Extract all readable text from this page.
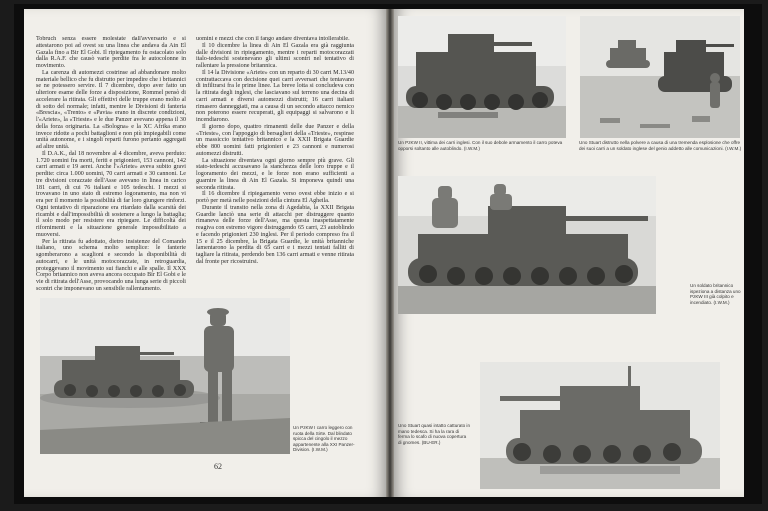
Tobruch senza essere molestate dall'avversario e si attestarono poi ad ovest su una linea che andava da Ain El Gazala fino a Bir El Gobi. Il ripiegamento fu ostacolato solo dalla R.A.F. che causò varie perdite fra le autocolonne in movimento.

La carenza di automezzi costrinse ad abbandonare molto materiale bellico che fu distrutto per impedire che i britannici se ne potessero servire. Il 7 dicembre, dopo aver fatto un ulteriore esame delle forze a disposizione, Rommel pensò di accelerare la ritirata. Gli effettivi delle truppe erano molto al di sotto del normale; infatti, mentre le Divisioni di fanteria «Brescia», «Trento» e «Pavia» erano in discrete condizioni, l'«Ariete», la «Trieste» e le due Panzer avevano appena il 30 della forza originaria. La «Bologna» e la XC Afrika erano invece ridotte a pochi battaglioni e non più impiegabili come unità autonome, e i singoli reparti furono pertanto aggregati ad altre unità.

Il D.A.K., dal 18 novembre al 4 dicembre, aveva perduto: 1.720 uomini fra morti, feriti e prigionieri, 153 cannoni, 142 carri armati e 19 aerei. Anche l'«Ariete» aveva subito gravi perdite: circa 1.000 uomini, 70 carri armati e 30 cannoni. Le tre divisioni corazzate dell'Asse avevano in linea in carico 181 carri, di cui 76 italiani e 105 tedeschi. I mezzi si trovavano in uno stato di estremo logoramento, ma non vi era per il momento la possibilità di far loro giungere rinforzi. Ogni tentativo di riparazione era ritardato dalla scarsità dei ricambi e dall'impossibilità di sostenere a lungo la battaglia; il solo modo per resistere era ripiegare. Le difficoltà dei rifornimenti e la situazione generale impossibilitato a muoversi.

Per la ritirata fu adottato, dietro insistenze del Comando italiano, uno schema molto semplice: le fanterie sgomberarono a scaglioni e secondo la disponibilità di autocarri, e le unità motocorazzate, in retroguardia, proteggevano il movimento sui fianchi e alle spalle. Il XXX Corpo britannico non aveva ancora occupato Bir El Gobi e le vie di ritirata dell'Asse, provocando una lunga serie di piccoli scontri che imponevano un sensibile rallentamento.

uomini e mezzi che con il fango andare diventava intollerabile.

Il 10 dicembre la linea di Ain El Gazala era già raggiunta dalle divisioni in ripiegamento, mentre i reparti motocorazzati italo-tedeschi sostenevano gli ultimi scontri nel tentativo di rallentare la pressione britannica.

Il 14 la Divisione «Ariete» con un reparto di 30 carri M.13/40 contrattaccava con decisione quei carri avversari che tentavano di infiltrarsi fra le prime linee. La breve lotta si concludeva con la ritirata degli inglesi, che lasciavano sul terreno una decina di carri armati e diversi automezzi distrutti; 16 carri italiani rimasero danneggiati, ma a causa di un secondo attacco nemico non poterono essere recuperati, gli equipaggi si salvarono e li incendiarono.

Il giorno dopo, quattro rimanenti delle due Panzer e della «Trieste», con l'appoggio di bersaglieri della «Trieste», respinse un massiccio tentativo britannico e la XXII Brigata Guardie ebbe 800 uomini fatti prigionieri e 23 cannoni e numerosi automezzi distrutti.

La situazione diventava ogni giorno sempre più grave. Gli stato-tedeschi accusavano la stanchezza delle loro truppe e il logoramento dei mezzi, e le forze non erano sufficienti a guarnire la linea di Ain El Gazala. Si imponeva quindi una seconda ritirata.

Il 16 dicembre il ripiegamento verso ovest ebbe inizio e si portò per metà nelle posizioni della cintura El Agheila.

Durante il transito nella zona di Agedabia, la XXII Brigata Guardie lanciò una serie di attacchi per distruggere quanto rimaneva delle forze dell'Asse, ma questa inaspettatamente reagiva con estremo vigore distruggendo 65 carri, 23 autoblindo e facendo prigionieri 230 inglesi. Per il periodo compreso fra il 15 e il 25 dicembre, la Brigata Guardie, le unità britanniche lamentarono la perdita di 65 carri e i mezzi tentati falliti di tagliare la ritirata, perdendo ben 136 carri armati e venne ritirata dal fronte per ricostruirsi.

Un PzKW I carro leggero con ruota della Sirte. Dal blindato spicca del cingolo il mezzo appartenente alla XXI Panzer-Division. (I.W.M.)
62
Un PzKW II, vittima dei carri inglesi. Con il suo debole armamento il carro poteva opporsi soltanto alle autoblindo. (I.W.M.)
Uno Stuart distrutto nella polvere a causa di una tremenda esplosione che offre dei suoi carri a un soldato inglese del genio addetto alle comunicazioni. (I.W.M.)
Un soldato britannico ispeziona a distanza uno PzKW III già colpito e incendiato. (I.W.M.)
Uno Stuart quasi intatto catturato in mano tedesca. Si ha la rara di ferma lo scafo di nuova copertura di gnomes. (BU-ER.)
